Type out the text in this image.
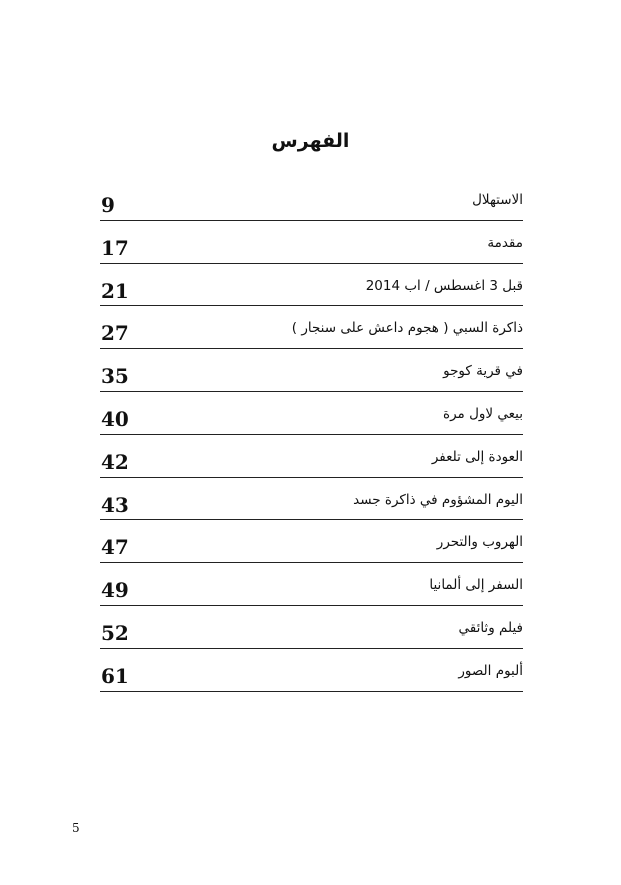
الفهرس
الاستهلال
9
مقدمة
17
قبل 3 اغسطس / اب 2014
21
ذاكرة السبي ( هجوم داعش على سنجار )
27
في قرية كوجو
35
بيعي لاول مرة
40
العودة إلى تلعفر
42
اليوم المشؤوم في ذاكرة جسد
43
الهروب والتحرر
47
السفر إلى ألمانيا
49
فيلم وثائقي
52
ألبوم الصور
61
5
